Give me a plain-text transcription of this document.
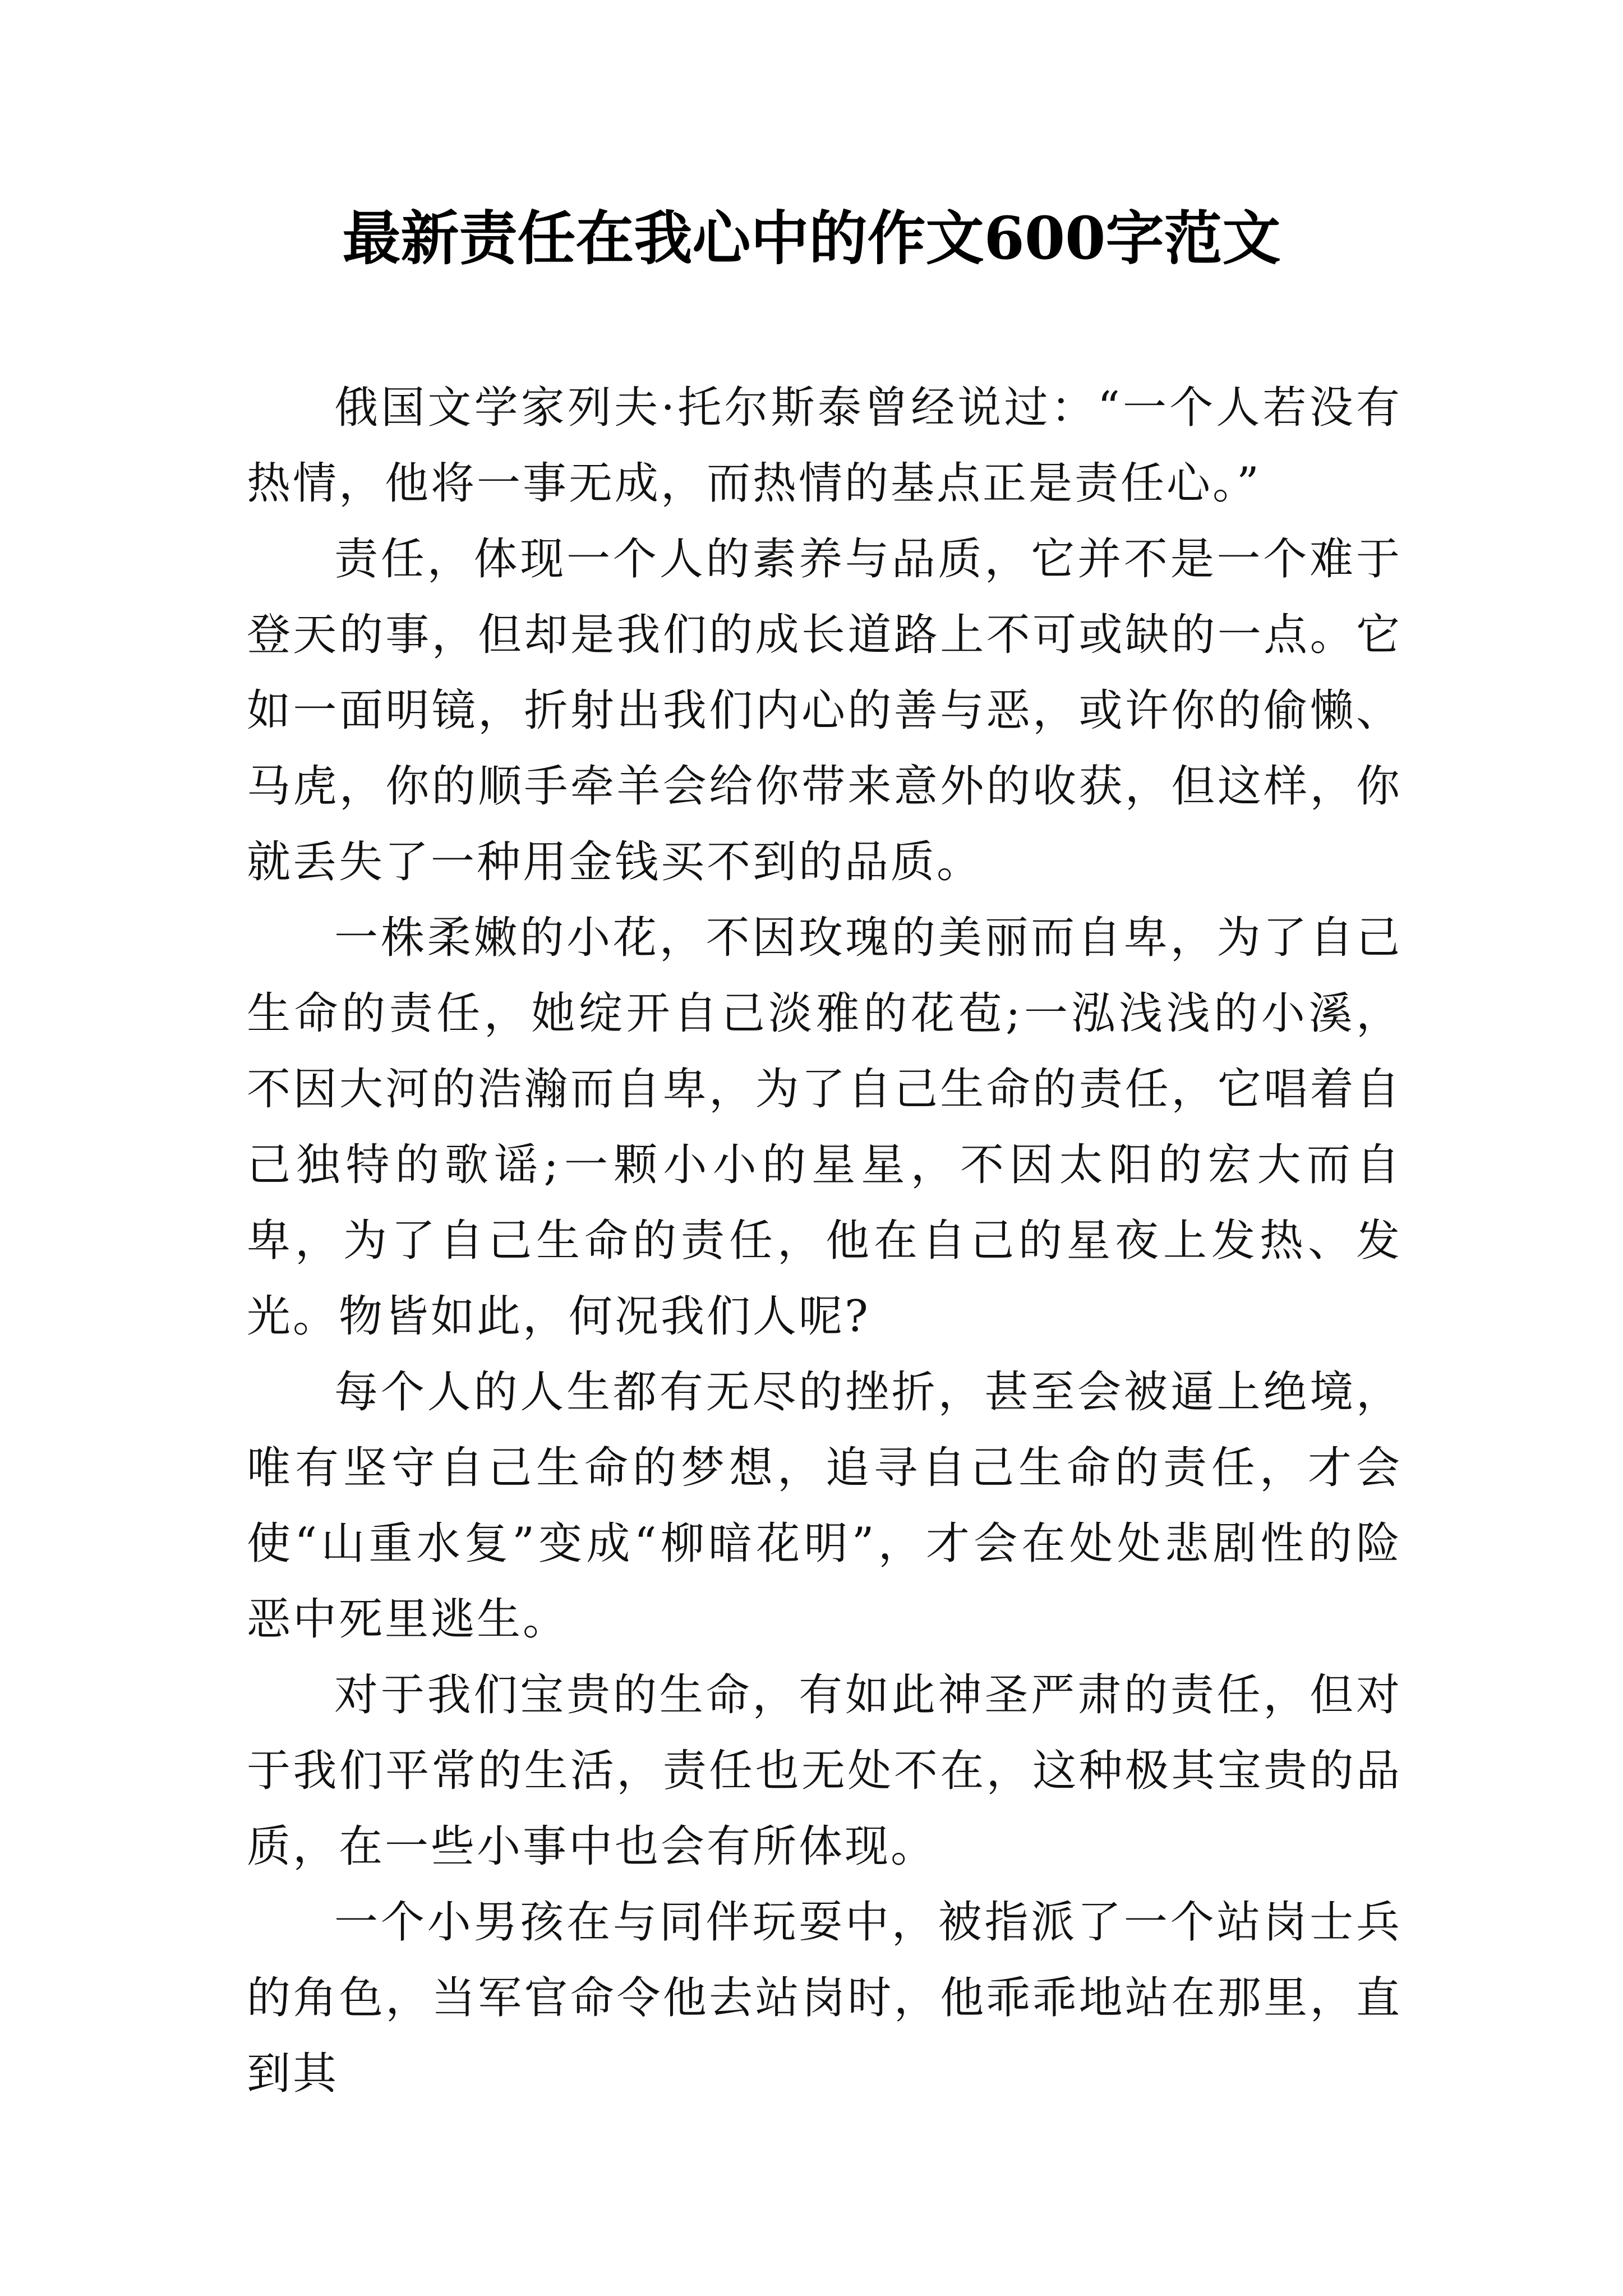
最新责任在我心中的作文600字范文

俄国文学家列夫·托尔斯泰曾经说过：“一个人若没有热情，他将一事无成，而热情的基点正是责任心。”

责任，体现一个人的素养与品质，它并不是一个难于登天的事，但却是我们的成长道路上不可或缺的一点。它如一面明镜，折射出我们内心的善与恶，或许你的偷懒、马虎，你的顺手牵羊会给你带来意外的收获，但这样，你就丢失了一种用金钱买不到的品质。

一株柔嫩的小花，不因玫瑰的美丽而自卑，为了自己生命的责任，她绽开自己淡雅的花苞;一泓浅浅的小溪，不因大河的浩瀚而自卑，为了自己生命的责任，它唱着自己独特的歌谣;一颗小小的星星，不因太阳的宏大而自卑，为了自己生命的责任，他在自己的星夜上发热、发光。物皆如此，何况我们人呢?

每个人的人生都有无尽的挫折，甚至会被逼上绝境，唯有坚守自己生命的梦想，追寻自己生命的责任，才会使“山重水复”变成“柳暗花明”，才会在处处悲剧性的险恶中死里逃生。

对于我们宝贵的生命，有如此神圣严肃的责任，但对于我们平常的生活，责任也无处不在，这种极其宝贵的品质，在一些小事中也会有所体现。

一个小男孩在与同伴玩耍中，被指派了一个站岗士兵的角色，当军官命令他去站岗时，他乖乖地站在那里，直到其
